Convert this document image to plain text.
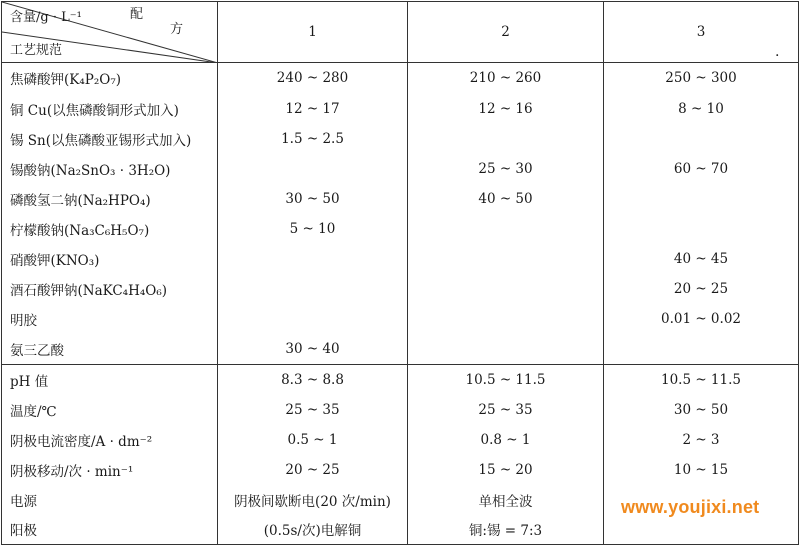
含量/g · L⁻¹ 配
方
工艺规范	1	2	3
焦磷酸钾(K₄P₂O₇)	240 ~ 280	210 ~ 260	250 ~ 300
铜 Cu(以焦磷酸铜形式加入)	12 ~ 17	12 ~ 16	8 ~ 10
锡 Sn(以焦磷酸亚锡形式加入)	1.5 ~ 2.5		
锡酸钠(Na₂SnO₃ · 3H₂O)		25 ~ 30	60 ~ 70
磷酸氢二钠(Na₂HPO₄)	30 ~ 50	40 ~ 50	
柠檬酸钠(Na₃C₆H₅O₇)	5 ~ 10		
硝酸钾(KNO₃)			40 ~ 45
酒石酸钾钠(NaKC₄H₄O₆)			20 ~ 25
明胶			0.01 ~ 0.02
氨三乙酸	30 ~ 40		
pH 值	8.3 ~ 8.8	10.5 ~ 11.5	10.5 ~ 11.5
温度/℃	25 ~ 35	25 ~ 35	30 ~ 50
阴极电流密度/A · dm⁻²	0.5 ~ 1	0.8 ~ 1	2 ~ 3
阴极移动/次 · min⁻¹	20 ~ 25	15 ~ 20	10 ~ 15
电源	阴极间歇断电(20 次/min)	单相全波	
阳极	(0.5s/次)电解铜	铜:锡 = 7:3	
.
www.youjixi.net
